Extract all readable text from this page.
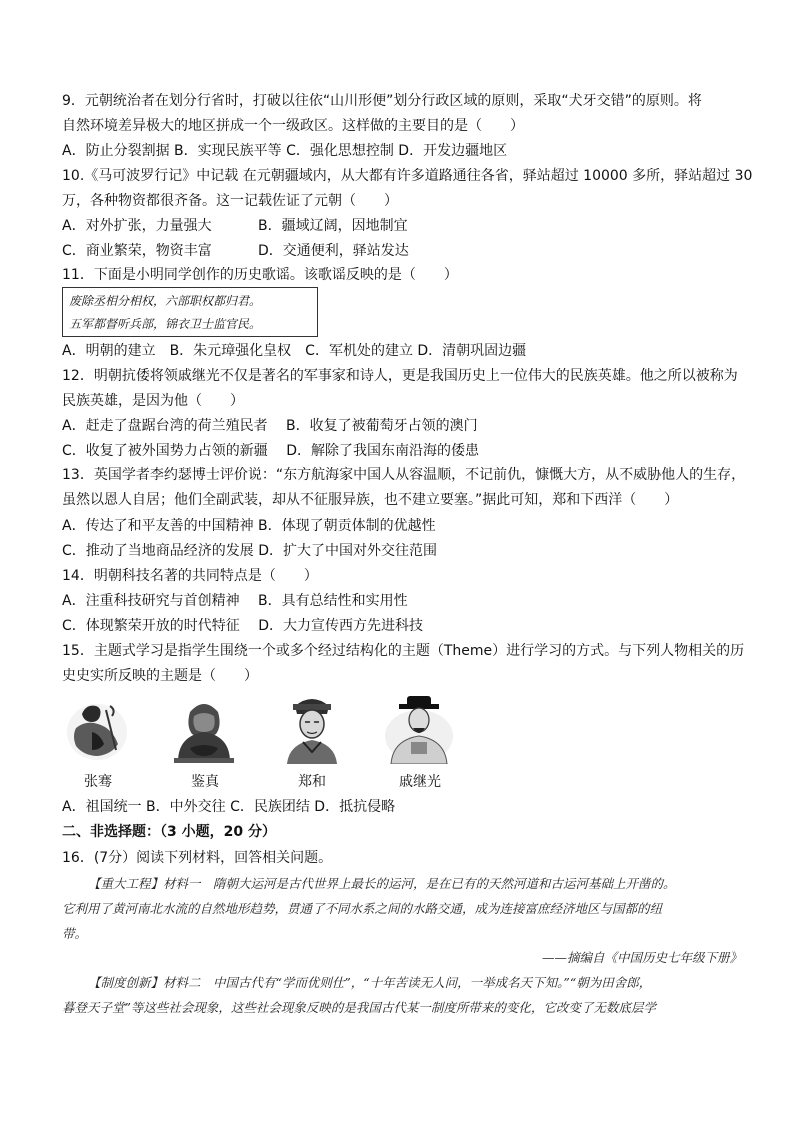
9．元朝统治者在划分行省时，打破以往依“山川形便”划分行政区域的原则，采取“犬牙交错”的原则。将
自然环境差异极大的地区拼成一个一级政区。这样做的主要目的是（　　）
A．防止分裂割据 B．实现民族平等 C．强化思想控制 D．开发边疆地区
10.《马可波罗行记》中记载 在元朝疆域内，从大都有许多道路通往各省，驿站超过 10000 多所，驿站超过 30
万，各种物资都很齐备。这一记载佐证了元朝（　　）
A．对外扩张，力量强大	B．疆域辽阔，因地制宜
C．商业繁荣，物资丰富	D．交通便利，驿站发达
11．下面是小明同学创作的历史歌谣。该歌谣反映的是（　　）
废除丞相分相权，六部职权都归君。
五军都督听兵部，锦衣卫士监官民。
A．明朝的建立　B．朱元璋强化皇权　C．军机处的建立 D．清朝巩固边疆
12．明朝抗倭将领戚继光不仅是著名的军事家和诗人，更是我国历史上一位伟大的民族英雄。他之所以被称为
民族英雄，是因为他（　　）
A．赶走了盘踞台湾的荷兰殖民者　 B．收复了被葡萄牙占领的澳门
C．收复了被外国势力占领的新疆　 D．解除了我国东南沿海的倭患
13．英国学者李约瑟博士评价说：“东方航海家中国人从容温顺，不记前仇，慷慨大方，从不威胁他人的生存，
虽然以恩人自居；他们全副武装，却从不征服异族，也不建立要塞。”据此可知，郑和下西洋（　　）
A．传达了和平友善的中国精神 B．体现了朝贡体制的优越性
C．推动了当地商品经济的发展 D．扩大了中国对外交往范围
14．明朝科技名著的共同特点是（　　）
A．注重科技研究与首创精神　 B．具有总结性和实用性
C．体现繁荣开放的时代特征　 D．大力宣传西方先进科技
15．主题式学习是指学生围绕一个或多个经过结构化的主题（Theme）进行学习的方式。与下列人物相关的历
史史实所反映的主题是（　　）
张骞	鉴真	郑和	戚继光
A．祖国统一 B．中外交往 C．民族团结 D．抵抗侵略
二、非选择题：（3 小题，20 分）
16．(7分）阅读下列材料，回答相关问题。
【重大工程】材料一　隋朝大运河是古代世界上最长的运河，是在已有的天然河道和古运河基础上开凿的。
它利用了黄河南北水流的自然地形趋势，贯通了不同水系之间的水路交通，成为连接富庶经济地区与国都的纽
带。
——摘编自《中国历史七年级下册》
【制度创新】材料二　中国古代有“学而优则仕”，“十年苦读无人问，一举成名天下知。”“朝为田舍郎，
暮登天子堂”等这些社会现象，这些社会现象反映的是我国古代某一制度所带来的变化，它改变了无数底层学
